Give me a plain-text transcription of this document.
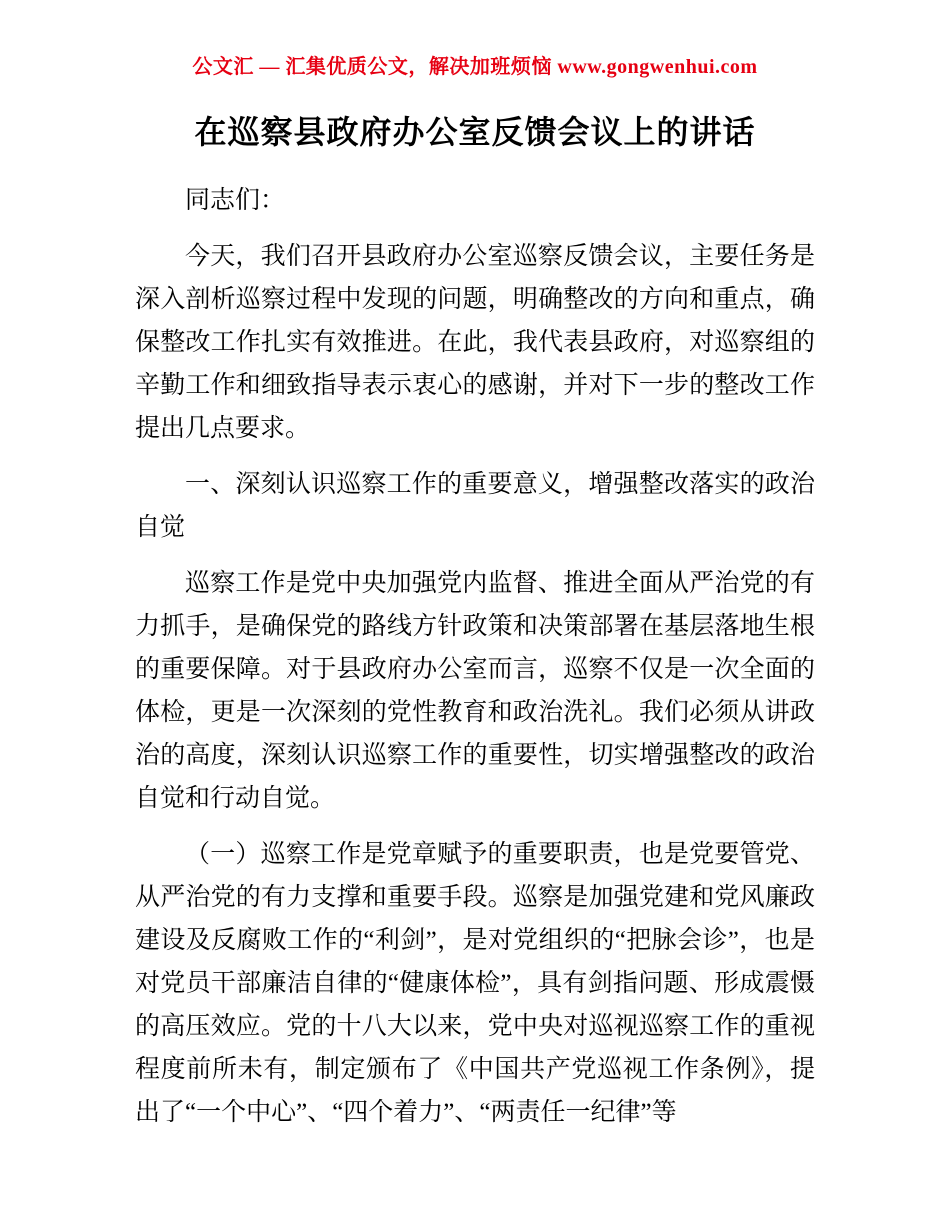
公文汇 — 汇集优质公文，解决加班烦恼 www.gongwenhui.com
在巡察县政府办公室反馈会议上的讲话

同志们：

今天，我们召开县政府办公室巡察反馈会议，主要任务是深入剖析巡察过程中发现的问题，明确整改的方向和重点，确保整改工作扎实有效推进。在此，我代表县政府，对巡察组的辛勤工作和细致指导表示衷心的感谢，并对下一步的整改工作提出几点要求。

一、深刻认识巡察工作的重要意义，增强整改落实的政治自觉

巡察工作是党中央加强党内监督、推进全面从严治党的有力抓手，是确保党的路线方针政策和决策部署在基层落地生根的重要保障。对于县政府办公室而言，巡察不仅是一次全面的体检，更是一次深刻的党性教育和政治洗礼。我们必须从讲政治的高度，深刻认识巡察工作的重要性，切实增强整改的政治自觉和行动自觉。

（一）巡察工作是党章赋予的重要职责，也是党要管党、从严治党的有力支撑和重要手段。巡察是加强党建和党风廉政建设及反腐败工作的“利剑”，是对党组织的“把脉会诊”，也是对党员干部廉洁自律的“健康体检”，具有剑指问题、形成震慑的高压效应。党的十八大以来，党中央对巡视巡察工作的重视程度前所未有，制定颁布了《中国共产党巡视工作条例》，提出了“一个中心”、“四个着力”、“两责任一纪律”等
